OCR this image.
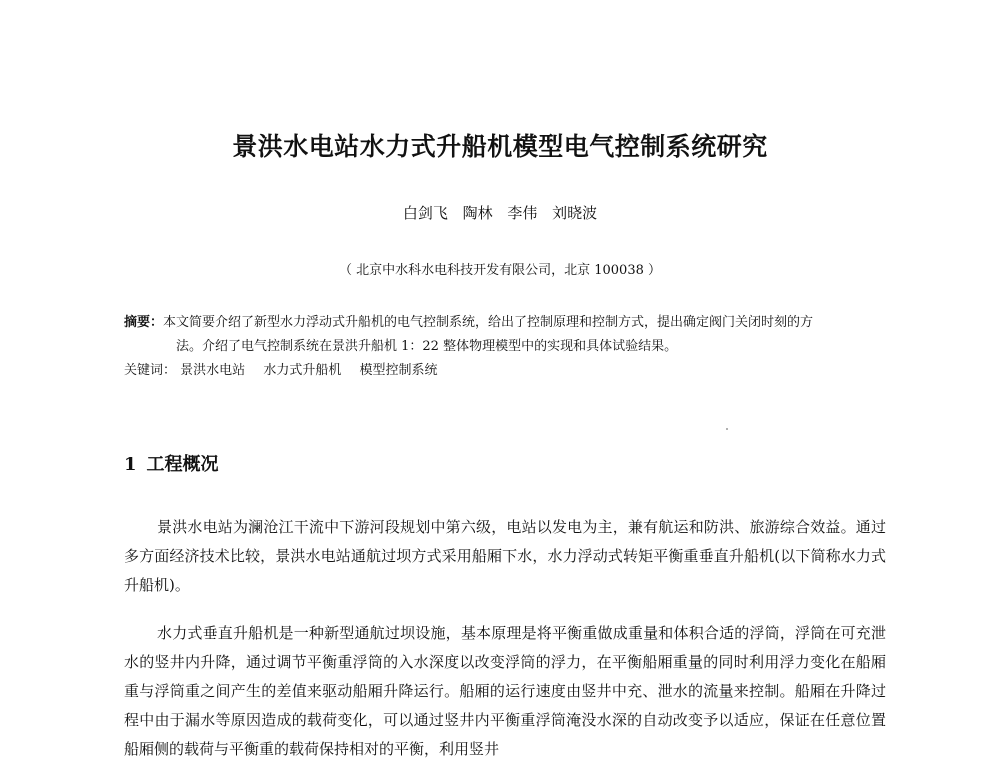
景洪水电站水力式升船机模型电气控制系统研究
白剑飞 陶林 李伟 刘晓波
（ 北京中水科水电科技开发有限公司，北京 100038 ）
摘要：本文简要介绍了新型水力浮动式升船机的电气控制系统，给出了控制原理和控制方式，提出确定阀门关闭时刻的方
法。介绍了电气控制系统在景洪升船机 1：22 整体物理模型中的实现和具体试验结果。
关键词： 景洪水电站 水力式升船机 模型控制系统
1 工程概况
景洪水电站为澜沧江干流中下游河段规划中第六级，电站以发电为主，兼有航运和防洪、旅游综合效益。通过多方面经济技术比较，景洪水电站通航过坝方式采用船厢下水，水力浮动式转矩平衡重垂直升船机(以下简称水力式升船机)。
水力式垂直升船机是一种新型通航过坝设施，基本原理是将平衡重做成重量和体积合适的浮筒，浮筒在可充泄水的竖井内升降，通过调节平衡重浮筒的入水深度以改变浮筒的浮力，在平衡船厢重量的同时利用浮力变化在船厢重与浮筒重之间产生的差值来驱动船厢升降运行。船厢的运行速度由竖井中充、泄水的流量来控制。船厢在升降过程中由于漏水等原因造成的载荷变化，可以通过竖井内平衡重浮筒淹没水深的自动改变予以适应，保证在任意位置船厢侧的载荷与平衡重的载荷保持相对的平衡，利用竖井
